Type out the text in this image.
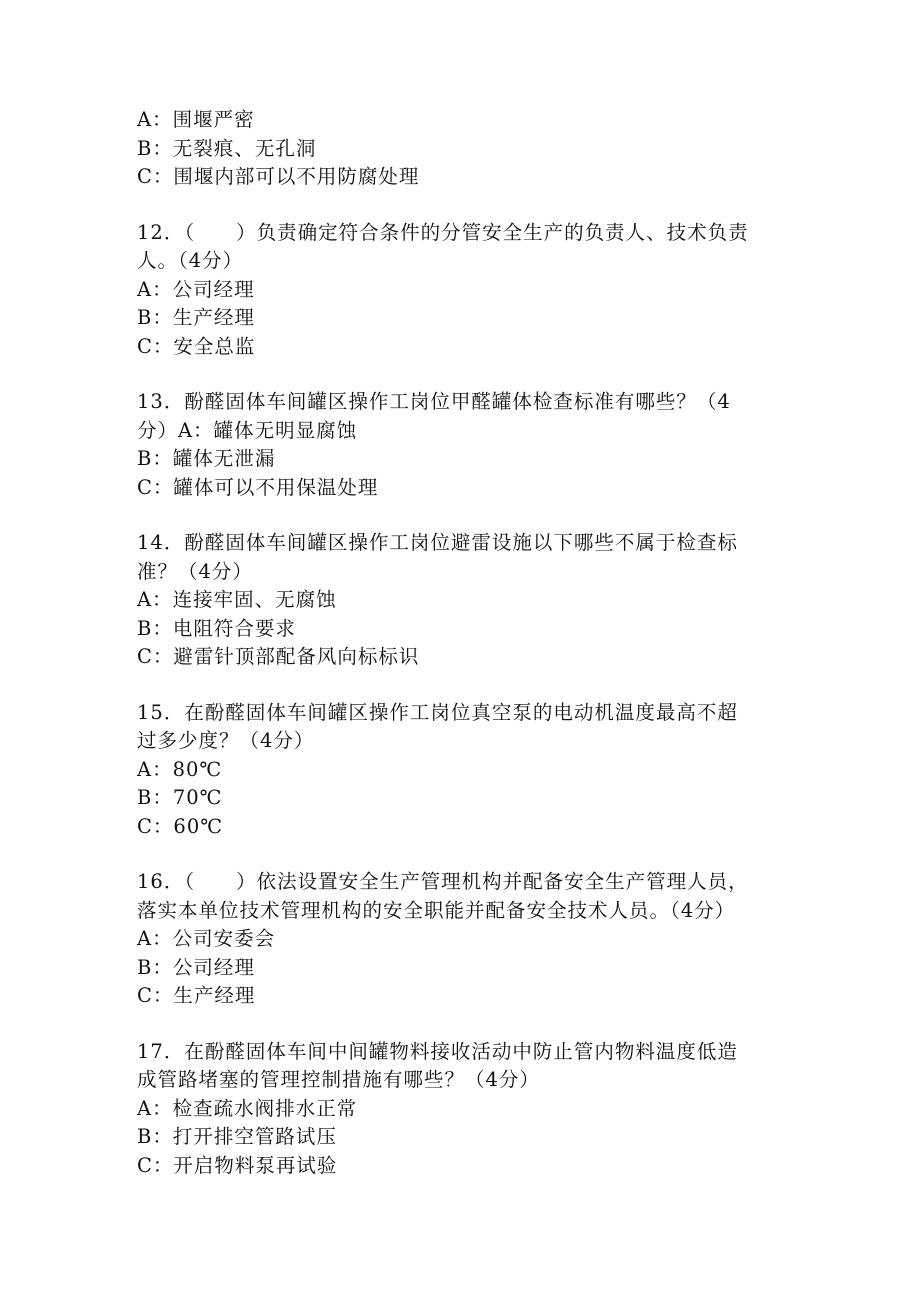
A：围堰严密
B：无裂痕、无孔洞
C：围堰内部可以不用防腐处理
12．（　　）负责确定符合条件的分管安全生产的负责人、技术负责
人。（4分）
A：公司经理
B：生产经理
C：安全总监
13．酚醛固体车间罐区操作工岗位甲醛罐体检查标准有哪些？（4
分）A：罐体无明显腐蚀
B：罐体无泄漏
C：罐体可以不用保温处理
14．酚醛固体车间罐区操作工岗位避雷设施以下哪些不属于检查标
准？（4分）
A：连接牢固、无腐蚀
B：电阻符合要求
C：避雷针顶部配备风向标标识
15．在酚醛固体车间罐区操作工岗位真空泵的电动机温度最高不超
过多少度？（4分）
A：80℃
B：70℃
C：60℃
16．（　　）依法设置安全生产管理机构并配备安全生产管理人员，
落实本单位技术管理机构的安全职能并配备安全技术人员。（4分）
A：公司安委会
B：公司经理
C：生产经理
17．在酚醛固体车间中间罐物料接收活动中防止管内物料温度低造
成管路堵塞的管理控制措施有哪些？（4分）
A：检查疏水阀排水正常
B：打开排空管路试压
C：开启物料泵再试验
